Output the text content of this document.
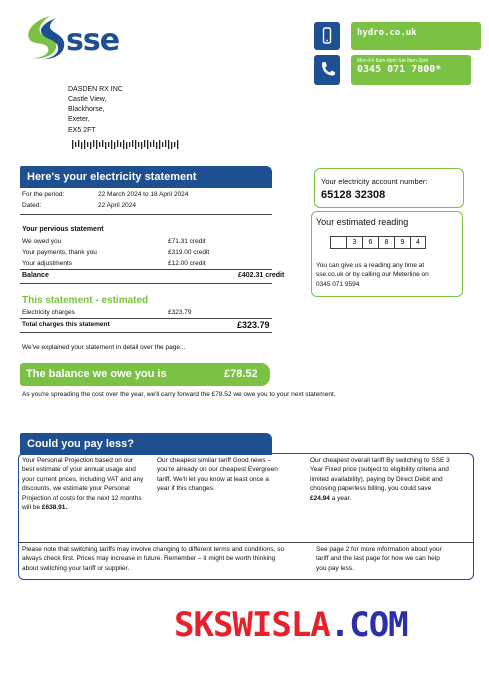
sse	hydro.co.uk
Mon-Fri 8am-8pm Sat 8am-2pm
0345 071 7800*
DASDEN RX INC
Castle View,
Blackhorse,
Exeter,
EX5 2FT
Here's your electricity statement
For the period:	22 March 2024 to 18 April 2024
Dated:	22 April 2024
Your pervious statement
We owed you	£71.31 credit
Your payments, thank you	£319.00 credit
Your adjustments	£12.00 credit
Balance	£402.31 credit
This statement - estimated
Electricity charges	£323.79
Total charges this statement	£323.79
We've explained your statement in detail over the page...
Your electricity account number:
65128 32308
Your estimated reading
3	6	8	9	4
You can give us a reading any time at sse.co.uk or by calling our Meterline on 0345 071 9594
The balance we owe you is	£78.52
As you're spreading the cost over the year, we'll carry forward the £78.52 we owe you to your next statement.
Could you pay less?
Your Personal Projection based on our best estimate of your annual usage and your current prices, including VAT and any discounts, we estimate your Personal Projection of costs for the next 12 months will be £638.91.
Our cheapest similar tariff Good news – you're already on our cheapest Evergreen tariff. We'll let you know at least once a year if this changes.
Our cheapest overall tariff By switching to SSE 3 Year Fixed price (subject to eligibility criteria and limited availability), paying by Direct Debit and choosing paperless billing, you could save £24.94 a year.
Please note that switching tariffs may involve changing to different terms and conditions, so always check first. Prices may increase in future. Remember – it might be worth thinking about switching your tariff or supplier.
See page 2 for more information about your tariff and the last page for how we can help you pay less.
SKSWISLA.COM
